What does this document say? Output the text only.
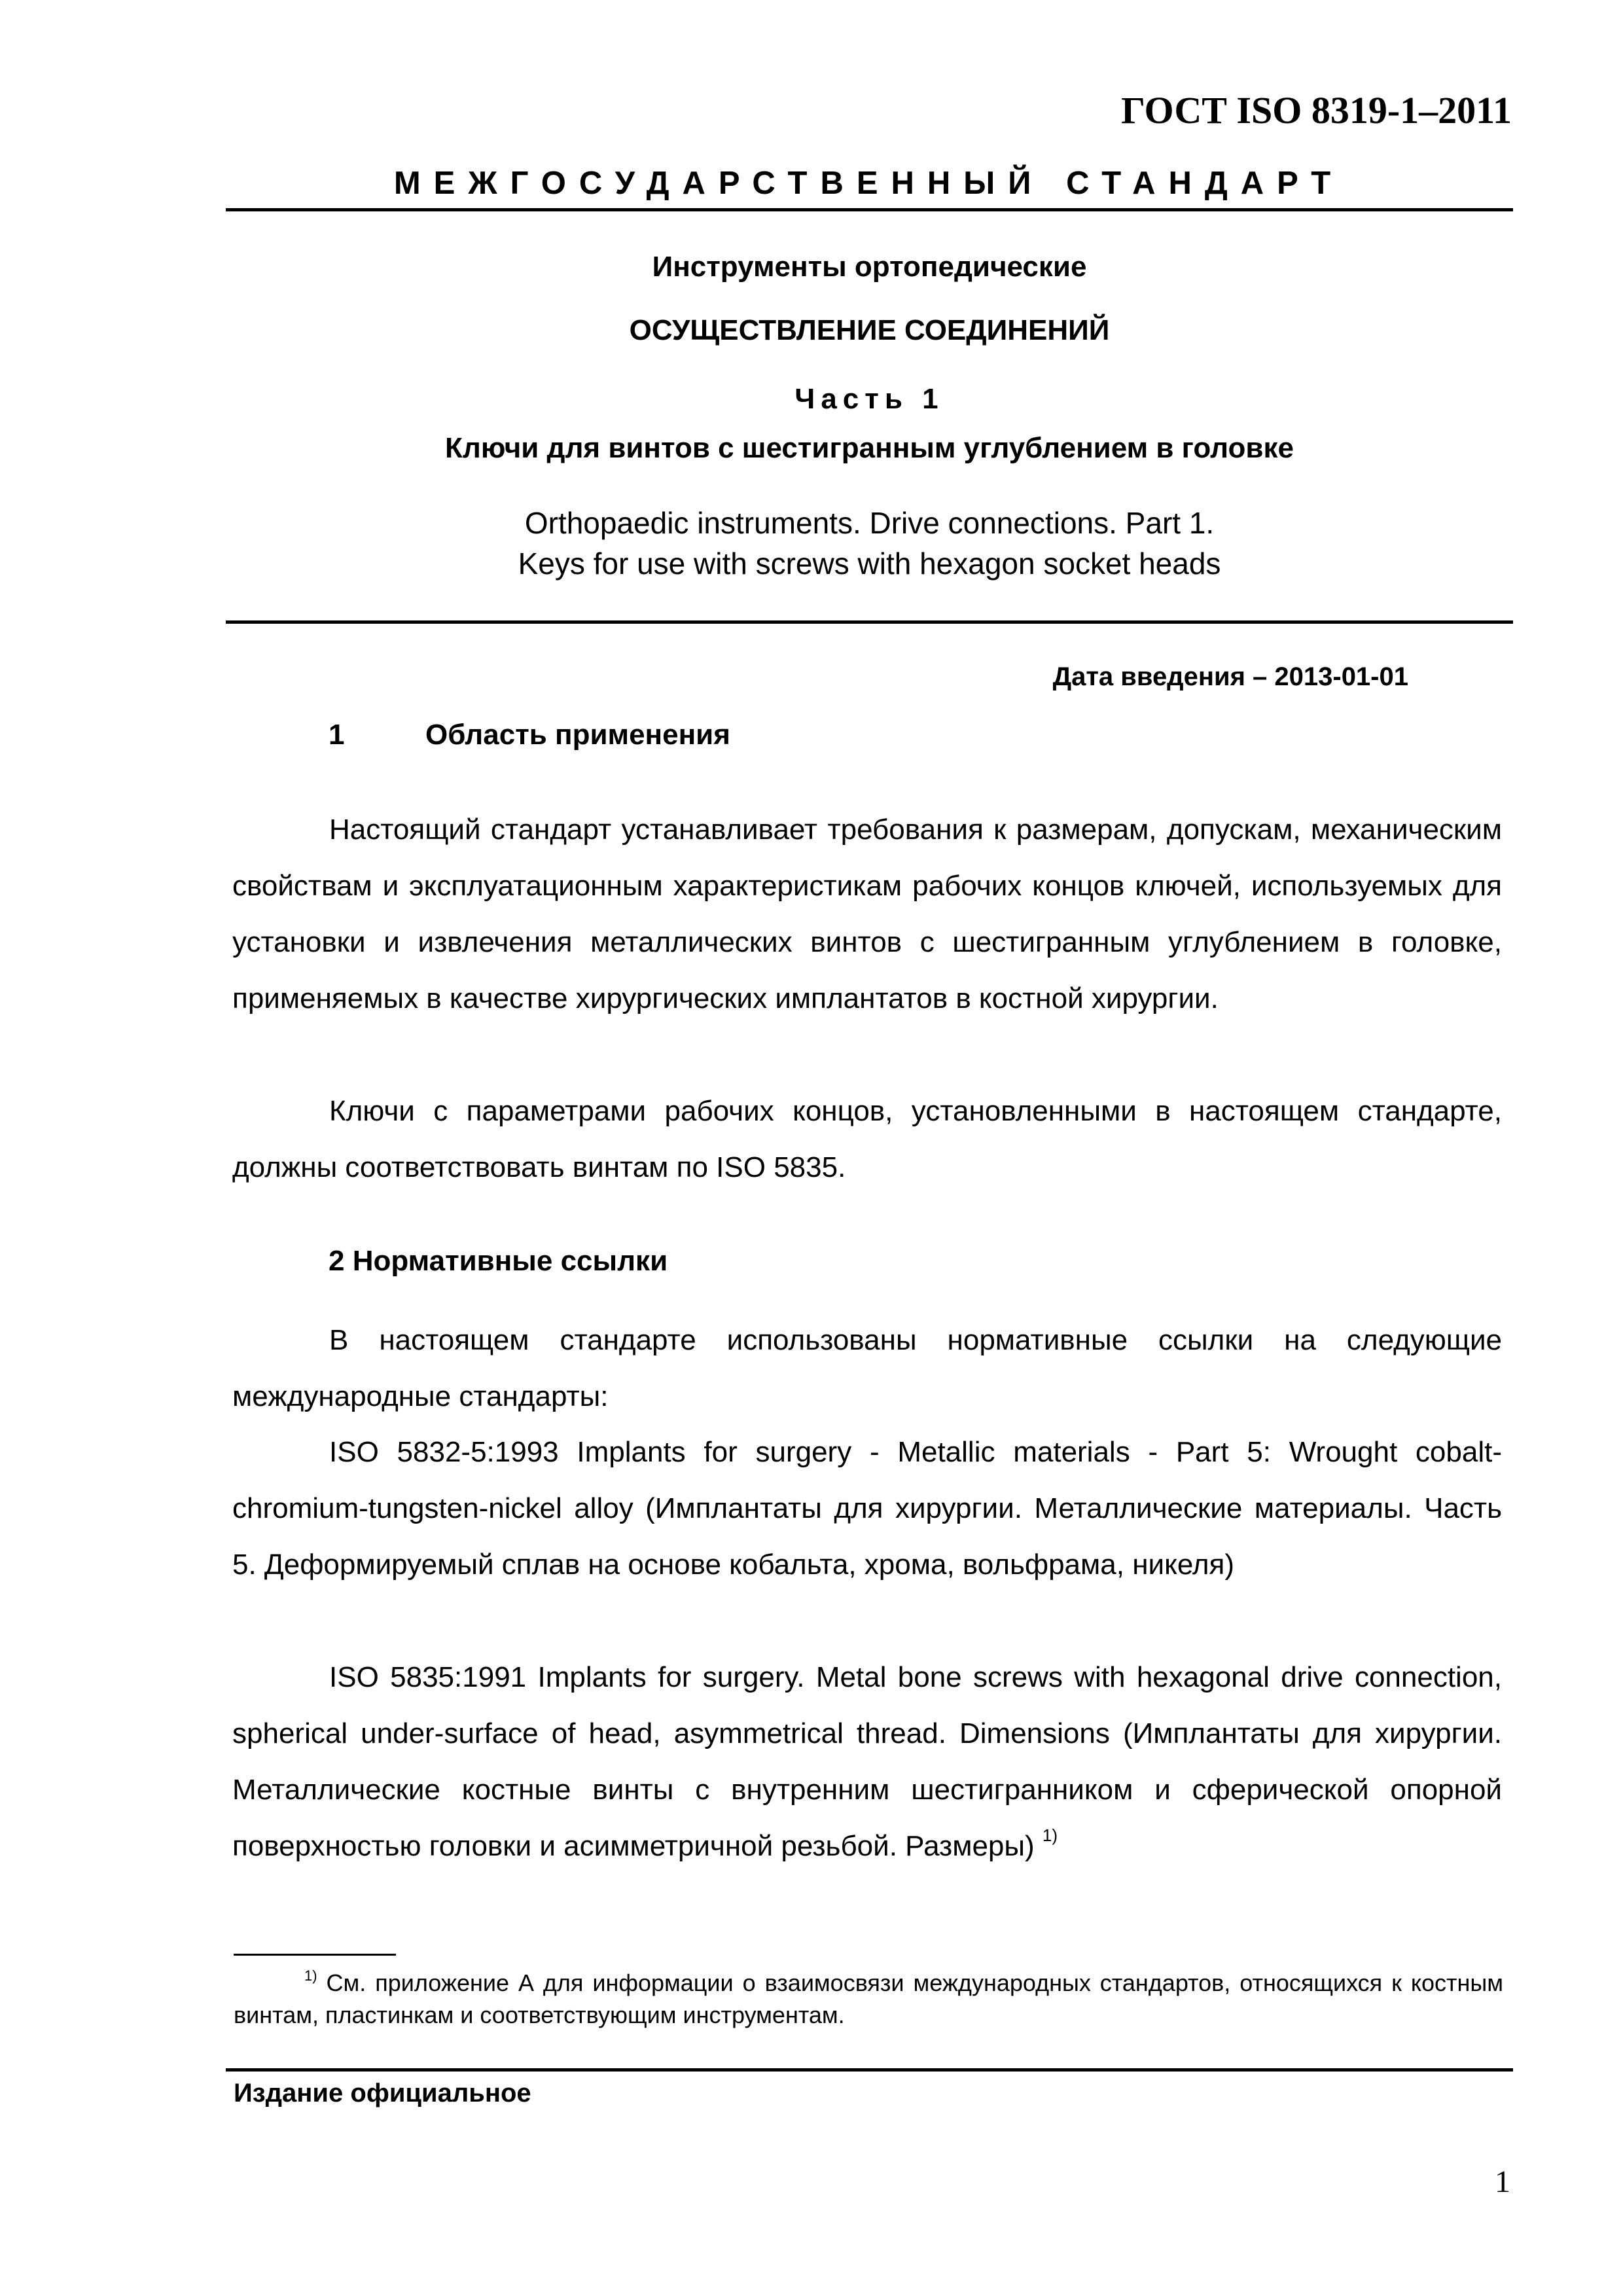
ГОСТ ISO 8319-1–2011
МЕЖГОСУДАРСТВЕННЫЙ СТАНДАРТ
Инструменты ортопедические
ОСУЩЕСТВЛЕНИЕ СОЕДИНЕНИЙ
Часть 1
Ключи для винтов с шестигранным углублением в головке
Orthopaedic instruments. Drive connections. Part 1.
Keys for use with screws with hexagon socket heads
Дата введения – 2013-01-01
1	Область применения
Настоящий стандарт устанавливает требования к размерам, допускам, механическим свойствам и эксплуатационным характеристикам рабочих концов ключей, используемых для установки и извлечения металлических винтов с шестигранным углублением в головке, применяемых в качестве хирургических имплантатов в костной хирургии.
Ключи с параметрами рабочих концов, установленными в настоящем стандарте, должны соответствовать винтам по ISO 5835.
2 Нормативные ссылки
В настоящем стандарте использованы нормативные ссылки на следующие международные стандарты:
ISO 5832-5:1993 Implants for surgery - Metallic materials - Part 5: Wrought cobalt-chromium-tungsten-nickel alloy (Имплантаты для хирургии. Металлические материалы. Часть 5. Деформируемый сплав на основе кобальта, хрома, вольфрама, никеля)
ISO 5835:1991 Implants for surgery. Metal bone screws with hexagonal drive connection, spherical under-surface of head, asymmetrical thread. Dimensions (Имплантаты для хирургии. Металлические костные винты с внутренним шестигранником и сферической опорной поверхностью головки и асимметричной резьбой. Размеры) $^{1)}$
$^{1)}$ См. приложение А для информации о взаимосвязи международных стандартов, относящихся к костным винтам, пластинкам и соответствующим инструментам.
Издание официальное
1
